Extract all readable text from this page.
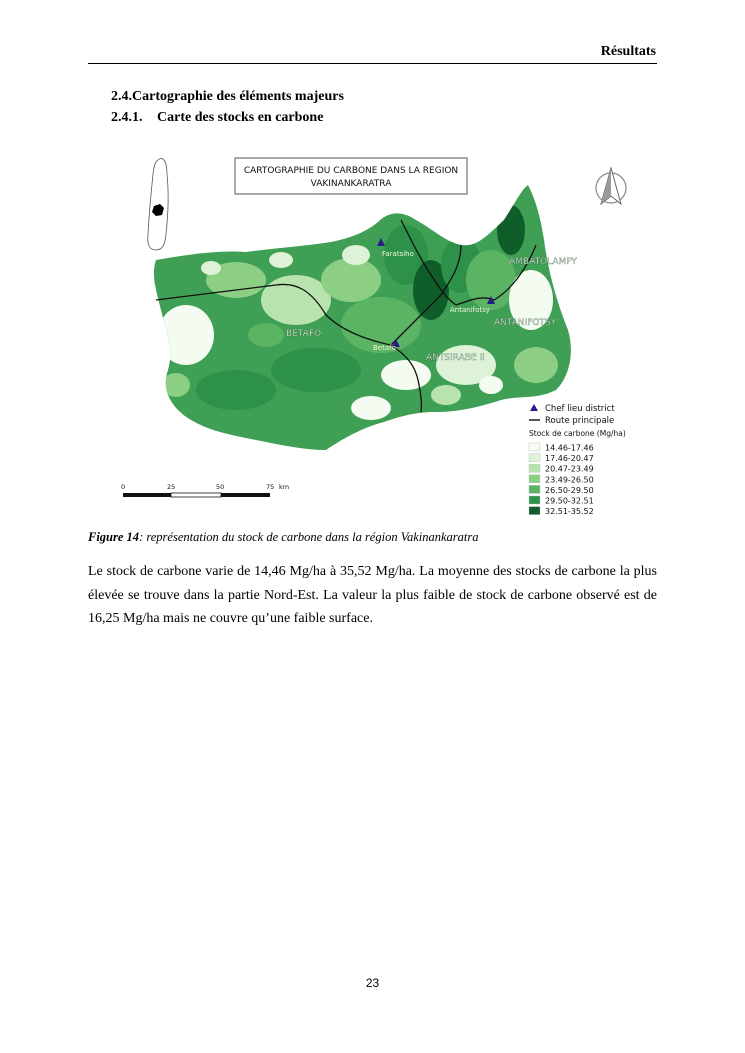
Résultats
2.4.Cartographie des éléments majeurs
2.4.1. Carte des stocks en carbone
AMBATOLAMPY
ANTANIFOTSY
BETAFO
ANTSIRABE II
Faratsiho
Antanifotsy
Betafo
CARTOGRAPHIE DU CARBONE DANS LA REGION
VAKINANKARATRA
Chef lieu district
Route principale
Stock de carbone (Mg/ha)
14.46-17.46
17.46-20.47
20.47-23.49
23.49-26.50
26.50-29.50
29.50-32.51
32.51-35.52
0	25	50	75 km
Figure 14: représentation du stock de carbone dans la région Vakinankaratra
Le stock de carbone varie de 14,46 Mg/ha à 35,52 Mg/ha. La moyenne des stocks de carbone la plus élevée se trouve dans la partie Nord-Est. La valeur la plus faible de stock de carbone observé est de 16,25 Mg/ha mais ne couvre qu’une faible surface.
23
